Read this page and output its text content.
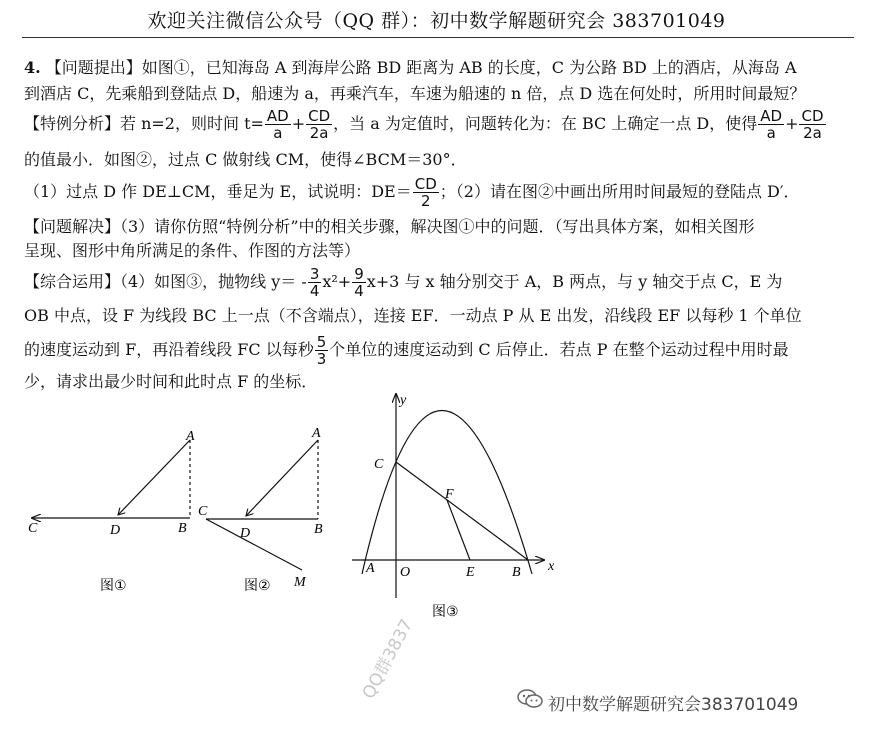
欢迎关注微信公众号（QQ 群）：初中数学解题研究会 383701049
4. 【问题提出】如图①，已知海岛 A 到海岸公路 BD 距离为 AB 的长度，C 为公路 BD 上的酒店，从海岛 A
到酒店 C，先乘船到登陆点 D，船速为 a，再乘汽车，车速为船速的 n 倍，点 D 选在何处时，所用时间最短？
【特例分析】若 n=2，则时间 $t= \frac{AD}{a} + \frac{CD}{2a}$ ，当 a 为定值时，问题转化为：在 BC 上确定一点 D，使得 $\frac{AD}{a} + \frac{CD}{2a}$
的值最小．如图②，过点 C 做射线 CM，使得∠BCM＝30°．
（1）过点 D 作 DE⊥CM，垂足为 E，试说明：$DE= \frac{CD}{2}$ ；（2）请在图②中画出所用时间最短的登陆点 D′．
【问题解决】（3）请你仿照“特例分析”中的相关步骤，解决图①中的问题．（写出具体方案，如相关图形
呈现、图形中角所满足的条件、作图的方法等）
【综合运用】（4）如图③，抛物线 $y= - \frac{3}{4} x^2+ \frac{9}{4} x+3$ 与 x 轴分别交于 A，B 两点，与 y 轴交于点 C，E 为
OB 中点，设 F 为线段 BC 上一点（不含端点），连接 EF．一动点 P 从 E 出发，沿线段 EF 以每秒 1 个单位
的速度运动到 F，再沿着线段 FC 以每秒 $\frac{5}{3}$ 个单位的速度运动到 C 后停止．若点 P 在整个运动过程中用时最
少，请求出最少时间和此时点 F 的坐标．
A
B
C	D
图①
A
B
C
D
M
图②
y
x
C
F
A O	E	B
图③
QQ群3837
初中数学解题研究会383701049
